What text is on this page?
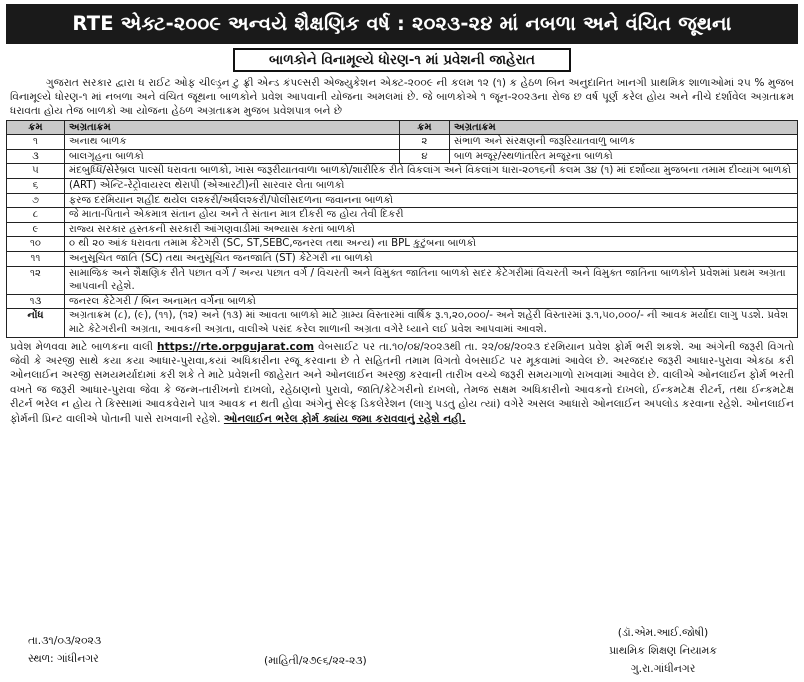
RTE એક્ટ-૨૦૦૯ અન્વયે શૈક્ષણિક વર્ષ : ૨૦૨૩-૨૪ માં નબળા અને વંચિત જૂથના
બાળકોને વિનામૂલ્યે ધોરણ-૧ માં પ્રવેશની જાહેરાત
ગુજરાત સરકાર દ્વારા ધ રાઈટ ઓફ ચીલ્ડ્રન ટુ ફ્રી એન્ડ કંપલ્સરી એજ્યુકેશન એક્ટ-૨૦૦૯ ની કલમ ૧૨ (૧) ક હેઠળ બિન અનુદાનિત ખાનગી પ્રાથમિક શાળાઓમાં ૨૫ % મુજબ વિનામૂલ્યે ધોરણ-૧ માં નબળા અને વંચિત જૂથના બાળકોને પ્રવેશ આપવાની યોજના અમલમાં છે. જે બાળકોએ ૧ જૂન-૨૦૨૩ના રોજ છ વર્ષ પૂર્ણ કરેલ હોય અને નીચે દર્શાવેલ અગ્રતાક્રમ ધરાવતા હોય તેજ બાળકો આ યોજના હેઠળ અગ્રતાક્રમ મુજબ પ્રવેશપાત્ર બને છે
ક્રમ	અગ્રતાક્રમ	ક્રમ	અગ્રતાક્રમ
૧	અનાથ બાળક	૨	સંભાળ અને સંરક્ષણની જરૂરિયાતવાળુ બાળક
૩	બાલગૃહના બાળકો	૪	બાળ મજૂર/સ્થળાંતરિત મજૂરના બાળકો
૫	મંદબુધ્ધિ/સેરેબ્રલ પાલ્સી ધરાવતા બાળકો, ખાસ જરૂરીયાતવાળા બાળકો/શારીરિક રીતે વિકલાંગ અને વિકલાંગ ધારા-૨૦૧૬ની કલમ ૩૪ (૧) માં દર્શાવ્યા મુજબના તમામ દીવ્યાંગ બાળકો		
૬	(ART) એન્ટિ-રેટ્રોવાયરલ થેરાપી (એઆરટી)ની સારવાર લેતા બાળકો		
૭	ફરજ દરમિયાન શહીદ થયેલ લશ્કરી/અર્ધલશ્કરી/પોલીસદળના જવાનના બાળકો		
૮	જે માતા-પિતાને એકમાત્ર સંતાન હોય અને તે સંતાન માત્ર દીકરી જ હોય તેવી દિકરી		
૯	રાજ્ય સરકાર હસ્તકની સરકારી આંગણવાડીમાં અભ્યાસ કરતાં બાળકો		
૧૦	૦ થી ૨૦ આંક ધરાવતા તમામ કેટેગરી (SC, ST,SEBC,જનરલ તથા અન્ય) ના BPL કુટુંબના બાળકો		
૧૧	અનુસૂચિત જાતિ (SC) તથા અનુસૂચિત જનજાતિ (ST) કેટેગરી ના બાળકો		
૧૨	સામાજિક અને શૈક્ષણિક રીતે પછાત વર્ગ / અન્ય પછાત વર્ગ / વિચરતી અને વિમુક્ત જાતિના બાળકો સદર કેટેગરીમાં વિચરતી અને વિમુક્ત જાતિના બાળકોને પ્રવેશમાં પ્રથમ અગ્રતા આપવાની રહેશે.		
૧૩	જનરલ કેટેગરી / બિન અનામત વર્ગના બાળકો		
નોંધ	અગ્રતાક્રમ (૮), (૯), (૧૧), (૧૨) અને (૧૩) માં આવતા બાળકો માટે ગ્રામ્ય વિસ્તારમાં વાર્ષિક રૂ.૧,૨૦,૦૦૦/- અને શહેરી વિસ્તારમાં રૂ.૧,૫૦,૦૦૦/- ની આવક મર્યાદા લાગુ પડશે. પ્રવેશ માટે કેટેગરીની અગ્રતા, આવકની અગ્રતા, વાલીએ પસંદ કરેલ શાળાની અગ્રતા વગેરે ધ્યાને લઈ પ્રવેશ આપવામાં આવશે.		
પ્રવેશ મેળવવા માટે બાળકના વાલી https://rte.orpgujarat.com વેબસાઈટ પર તા.૧૦/૦૪/૨૦૨૩થી તા. ૨૨/૦૪/૨૦૨૩ દરમિયાન પ્રવેશ ફોર્મ ભરી શકશે. આ અંગેની જરૂરી વિગતો જેવી કે અરજી સાથે કયા કયા આધાર-પુરાવા,કયાં અધિકારીના રજૂ કરવાના છે તે સહિતની તમામ વિગતો વેબસાઈટ પર મૂકવામાં આવેલ છે. અરજદાર જરૂરી આધાર-પુરાવા એકઠા કરી ઓનલાઈન અરજી સમયમર્યાદામાં કરી શકે તે માટે પ્રવેશની જાહેરાત અને ઓનલાઈન અરજી કરવાની તારીખ વચ્ચે જરૂરી સમયગાળો રાખવામાં આવેલ છે. વાલીએ ઓનલાઈન ફોર્મ ભરતી વખતે જ જરૂરી આધાર-પુરાવા જેવા કે જન્મ-તારીખનો દાખલો, રહેઠાણનો પુરાવો, જાતિ/કેટેગરીનો દાખલો, તેમજ સક્ષમ અધિકારીનો આવકનો દાખલો, ઈન્કમટેક્ષ રીટર્ન, તથા ઈન્કમટેક્ષ રીટર્ન ભરેલ ન હોય તે કિસ્સામાં આવકવેરાને પાત્ર આવક ન થતી હોવા અંગેનું સેલ્ફ ડિકલેરેશન (લાગુ પડતુ હોય ત્યાં) વગેરે અસલ આધારો ઓનલાઈન અપલોડ કરવાના રહેશે. ઓનલાઈન ફોર્મની પ્રિન્ટ વાલીએ પોતાની પાસે રાખવાની રહેશે. ઓનલાઈન ભરેલ ફોર્મ ક્યાંય જમા કરાવવાનું રહેશે નહી.
તા.૩૧/૦૩/૨૦૨૩
સ્થળ: ગાંધીનગર	(માહિતી/૨૭૯૬/૨૨-૨૩)
(ડૉ.એમ.આઈ.જોષી)
પ્રાથમિક શિક્ષણ નિયામક
ગુ.રા.ગાંધીનગર
